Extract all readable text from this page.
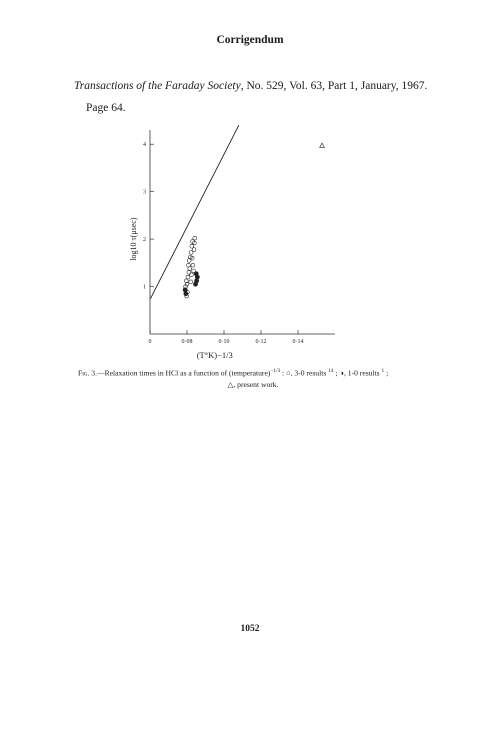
Corrigendum
Transactions of the Faraday Society, No. 529, Vol. 63, Part 1, January, 1967.
Page 64.
0	0·08	0·10	0·12	0·14
1
2
3
4
(T°K)−1/3
log10 τ(μsec)
Fig. 3.—Relaxation times in HCl as a function of (temperature)$^{-1/3}$ : ○, 3-0 results $^{14}$ ; ◑, 1-0 results $^1$ ;
△, present work.
1052
